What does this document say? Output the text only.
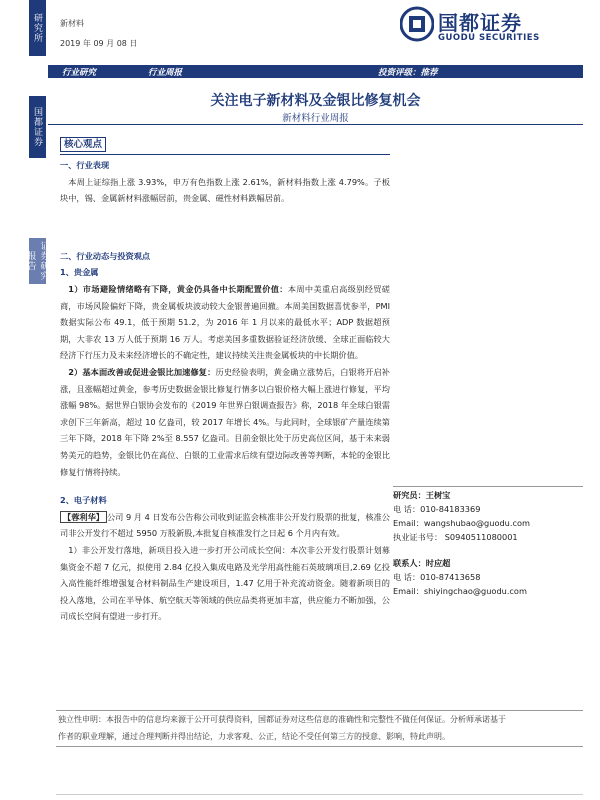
研究所
国都证券
证券研究报告
新材料
2019 年 09 月 08 日
国都证券
GUODU SECURITIES
行业研究	行业周报	投资评级：推荐
关注电子新材料及金银比修复机会
新材料行业周报
核心观点

一、行业表现

本周上证综指上涨 3.93%，申万有色指数上涨 2.61%，新材料指数上涨 4.79%。子板块中，锡、金属新材料涨幅居前，贵金属、磁性材料跌幅居前。

二、行业动态与投资观点

1、贵金属

1）市场避险情绪略有下降，黄金仍具备中长期配置价值：本周中美重启高级别经贸磋商，市场风险偏好下降，贵金属板块波动较大金银普遍回撤。本周美国数据喜忧参半，PMI 数据实际公布 49.1，低于预期 51.2，为 2016 年 1 月以来的最低水平；ADP 数据超预期，大非农 13 万人低于预期 16 万人。考虑美国多重数据验证经济放缓、全球正面临较大经济下行压力及未来经济增长的不确定性，建议持续关注贵金属板块的中长期价值。

2）基本面改善或促进金银比加速修复：历史经验表明，黄金确立涨势后，白银将开启补涨，且涨幅超过黄金，参考历史数据金银比修复行情多以白银价格大幅上涨进行修复，平均涨幅 98%。据世界白银协会发布的《2019 年世界白银调查报告》称，2018 年全球白银需求创下三年新高，超过 10 亿盎司，较 2017 年增长 4%。与此同时，全球银矿产量连续第三年下降，2018 年下降 2%至 8.557 亿盎司。目前金银比处于历史高位区间，基于未来弱势美元的趋势，金银比仍在高位、白银的工业需求后续有望边际改善等判断，本轮的金银比修复行情将持续。

2、电子材料

【蓉利华】 公司 9 月 4 日发布公告称公司收到证监会核准非公开发行股票的批复，核准公司非公开发行不超过 5950 万股新股,本批复自核准发行之日起 6 个月内有效。

1）非公开发行落地，新项目投入进一步打开公司成长空间：本次非公开发行股票计划募集资金不超 7 亿元，拟使用 2.84 亿投入集成电路及光学用高性能石英玻璃项目,2.69 亿投入高性能纤维增强复合材料制品生产建设项目，1.47 亿用于补充流动资金。随着新项目的投入落地，公司在半导体、航空航天等领域的供应品类将更加丰富，供应能力不断加强，公司成长空间有望进一步打开。

研究员：王树宝
电 话：010-84183369
Email：wangshubao@guodu.com
执业证书号： S0940511080001
联系人：时应超
电 话：010-87413658
Email：shiyingchao@guodu.com

独立性申明：本报告中的信息均来源于公开可获得资料，国都证券对这些信息的准确性和完整性不做任何保证。分析师承诺基于

作者的职业理解，通过合理判断并得出结论，力求客观、公正，结论不受任何第三方的授意、影响，特此声明。
